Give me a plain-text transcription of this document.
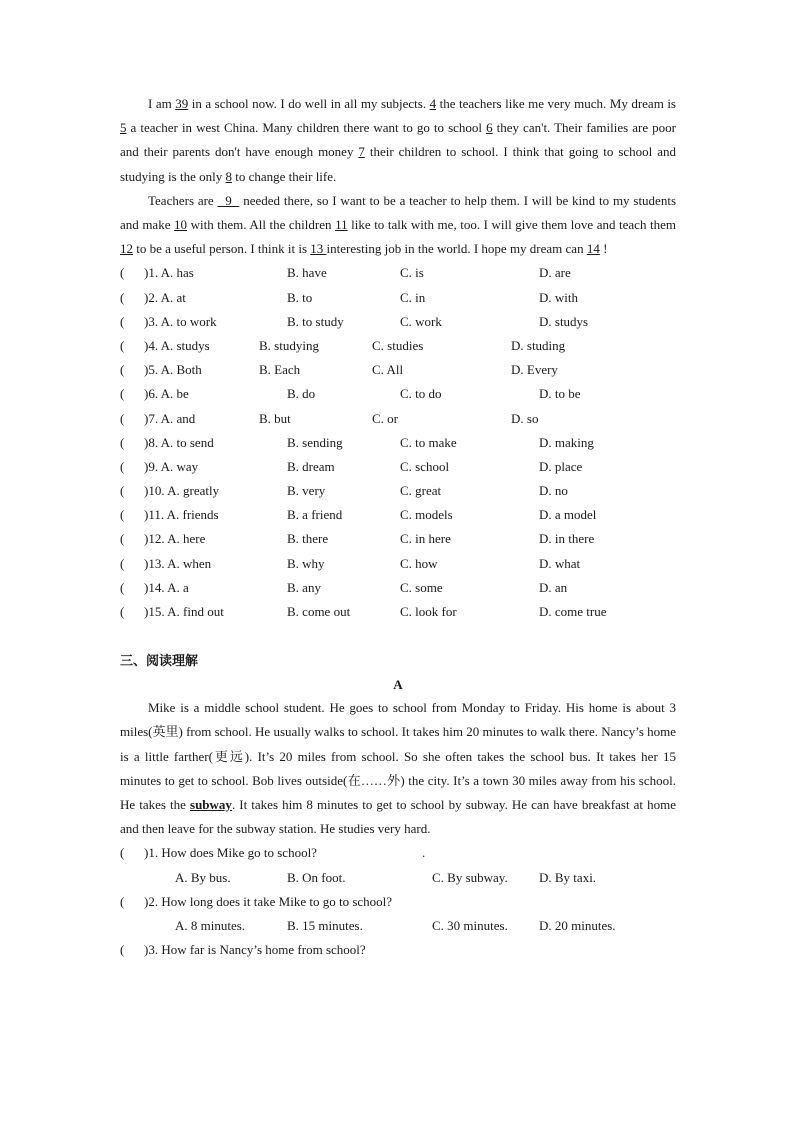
I am 39 in a school now. I do well in all my subjects. 4 the teachers like me very much. My dream is 5 a teacher in west China. Many children there want to go to school 6 they can't. Their families are poor and their parents don't have enough money 7 their children to school. I think that going to school and studying is the only 8 to change their life.

Teachers are   9   needed there, so I want to be a teacher to help them. I will be kind to my students and make 10 with them. All the children 11 like to talk with me, too. I will give them love and teach them 12 to be a useful person. I think it is 13 interesting job in the world. I hope my dream can 14 !

( )1. A. has	B. have	C. is	D. are
( )2. A. at	B. to	C. in	D. with
( )3. A. to work	B. to study	C. work	D. studys
( )4. A. studys	B. studying	C. studies	D. studing
( )5. A. Both	B. Each	C. All	D. Every
( )6. A. be	B. do	C. to do	D. to be
( )7. A. and	B. but	C. or	D. so
( )8. A. to send	B. sending	C. to make	D. making
( )9. A. way	B. dream	C. school	D. place
( )10. A. greatly	B. very	C. great	D. no
( )11. A. friends	B. a friend	C. models	D. a model
( )12. A. here	B. there	C. in here	D. in there
( )13. A. when	B. why	C. how	D. what
( )14. A. a	B. any	C. some	D. an
( )15. A. find out	B. come out	C. look for	D. come true
三、阅读理解
A

Mike is a middle school student. He goes to school from Monday to Friday. His home is about 3 miles(英里) from school. He usually walks to school. It takes him 20 minutes to walk there. Nancy’s home is a little farther(更远). It’s 20 miles from school. So she often takes the school bus. It takes her 15 minutes to get to school. Bob lives outside(在……外) the city. It’s a town 30 miles away from his school. He takes the subway. It takes him 8 minutes to get to school by subway. He can have breakfast at home and then leave for the subway station. He studies very hard.

( )1. How does Mike go to school?	.
A. By bus.	B. On foot.	C. By subway. D. By taxi.
( )2. How long does it take Mike to go to school?
A. 8 minutes.	B. 15 minutes.	C. 30 minutes. D. 20 minutes.
( )3. How far is Nancy’s home from school?
